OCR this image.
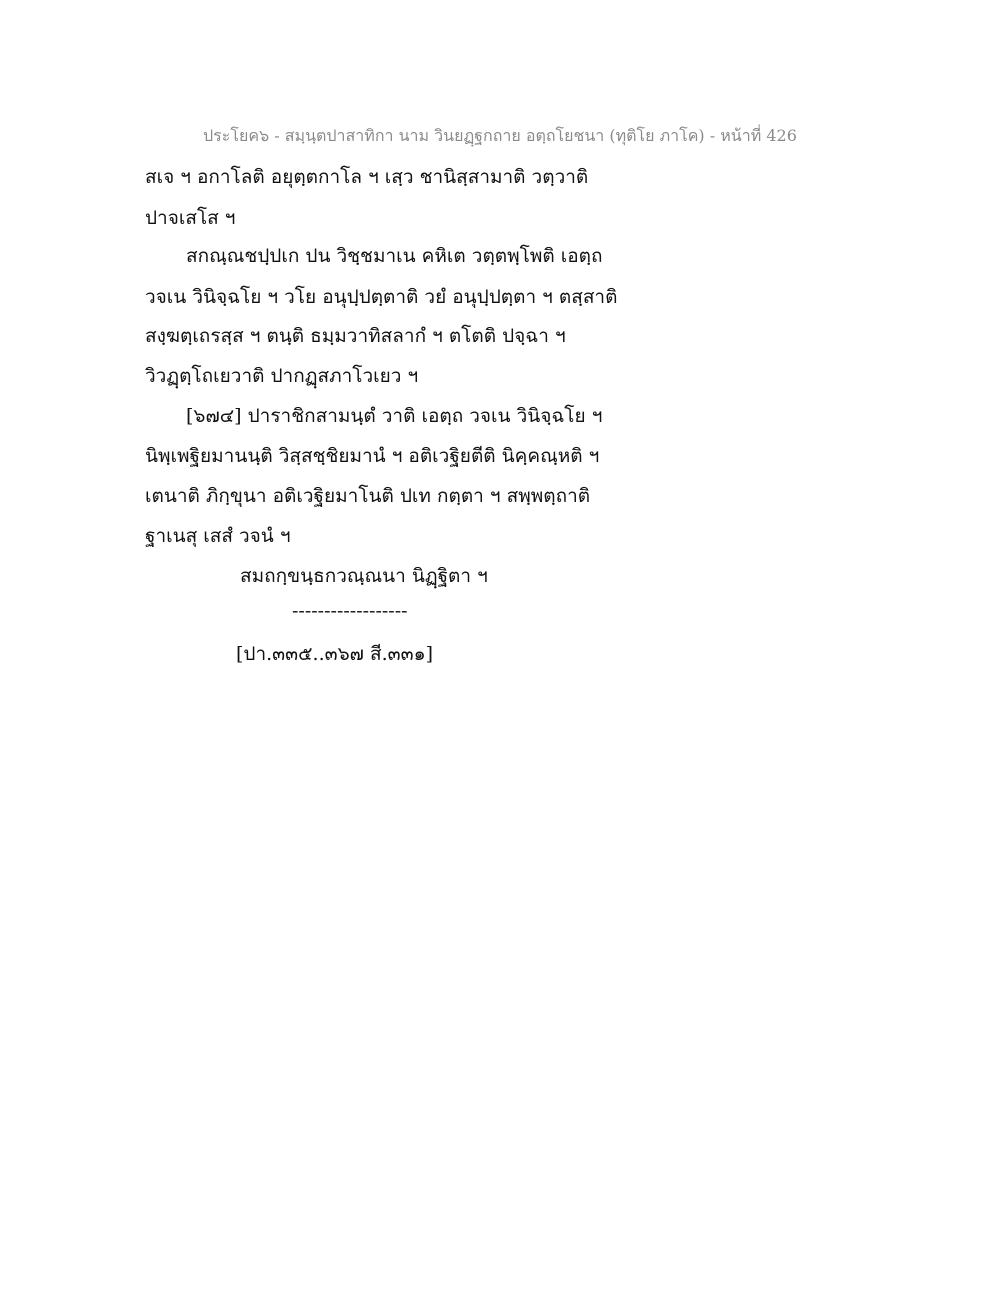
ประโยค๖ - สมฺนฺตปาสาทิกา นาม วินยฏฺฐกถาย อตฺถโยชนา (ทุติโย ภาโค) - หน้าที่ 426
สเจ ฯ อกาโลติ อยุตฺตกาโล ฯ เสฺว ชานิสฺสามาติ วตฺวาติ
ปาจเสโส ฯ
สกณฺณชปฺปเก ปน วิชฺชมาเน คหิเต วตฺตพฺโพติ เอตฺถ
วจเน วินิจฺฉโย ฯ วโย อนุปฺปตฺตาติ วยํ อนุปฺปตฺตา ฯ ตสฺสาติ
สงฺฆตฺเถรสฺส ฯ ตนฺติ ธมฺมวาทิสลากํ ฯ ตโตติ ปจฺฉา ฯ
วิวฏฺตฺโถเยวาติ ปากฏฺสภาโวเยว ฯ
[๖๗๔] ปาราชิกสามนฺตํ วาติ เอตฺถ วจเน วินิจฺฉโย ฯ
นิพฺเพฐิยมานนฺติ วิสฺสชฺชิยมานํ ฯ อติเวฐิยตีติ นิคฺคณฺหติ ฯ
เตนาติ ภิกฺขุนา อติเวฐิยมาโนติ ปเท กตฺตา ฯ สพฺพตฺถาติ
ฐาเนสุ เสสํ วจนํ ฯ
สมถกฺขนฺธกวณฺณนา นิฏฺฐิตา ฯ
------------------
[ปา.๓๓๕..๓๖๗ สี.๓๓๑]
